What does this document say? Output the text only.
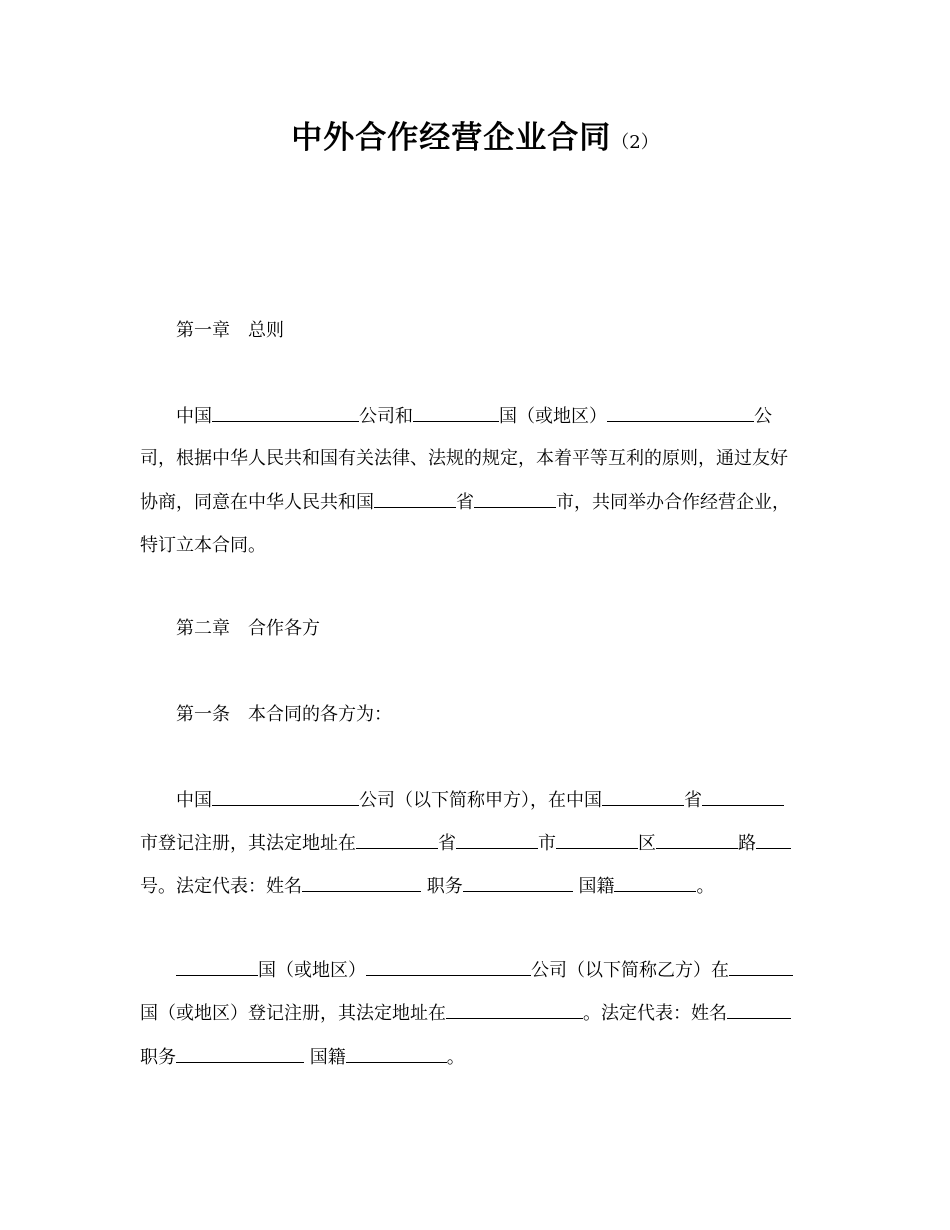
中外合作经营企业合同（2）
　　第一章　总则
　　中国	公司和	国（或地区）	公
司，根据中华人民共和国有关法律、法规的规定，本着平等互利的原则，通过友好
协商，同意在中华人民共和国	省	市，共同举办合作经营企业，
特订立本合同。
　　第二章　合作各方
　　第一条　本合同的各方为：
　　中国	公司（以下简称甲方），在中国	省
市登记注册，其法定地址在	省	市	区	路
号。法定代表：姓名	职务	国籍	。
　　国（或地区）	公司（以下简称乙方）在
国（或地区）登记注册，其法定地址在	。法定代表：姓名
职务	国籍	。
